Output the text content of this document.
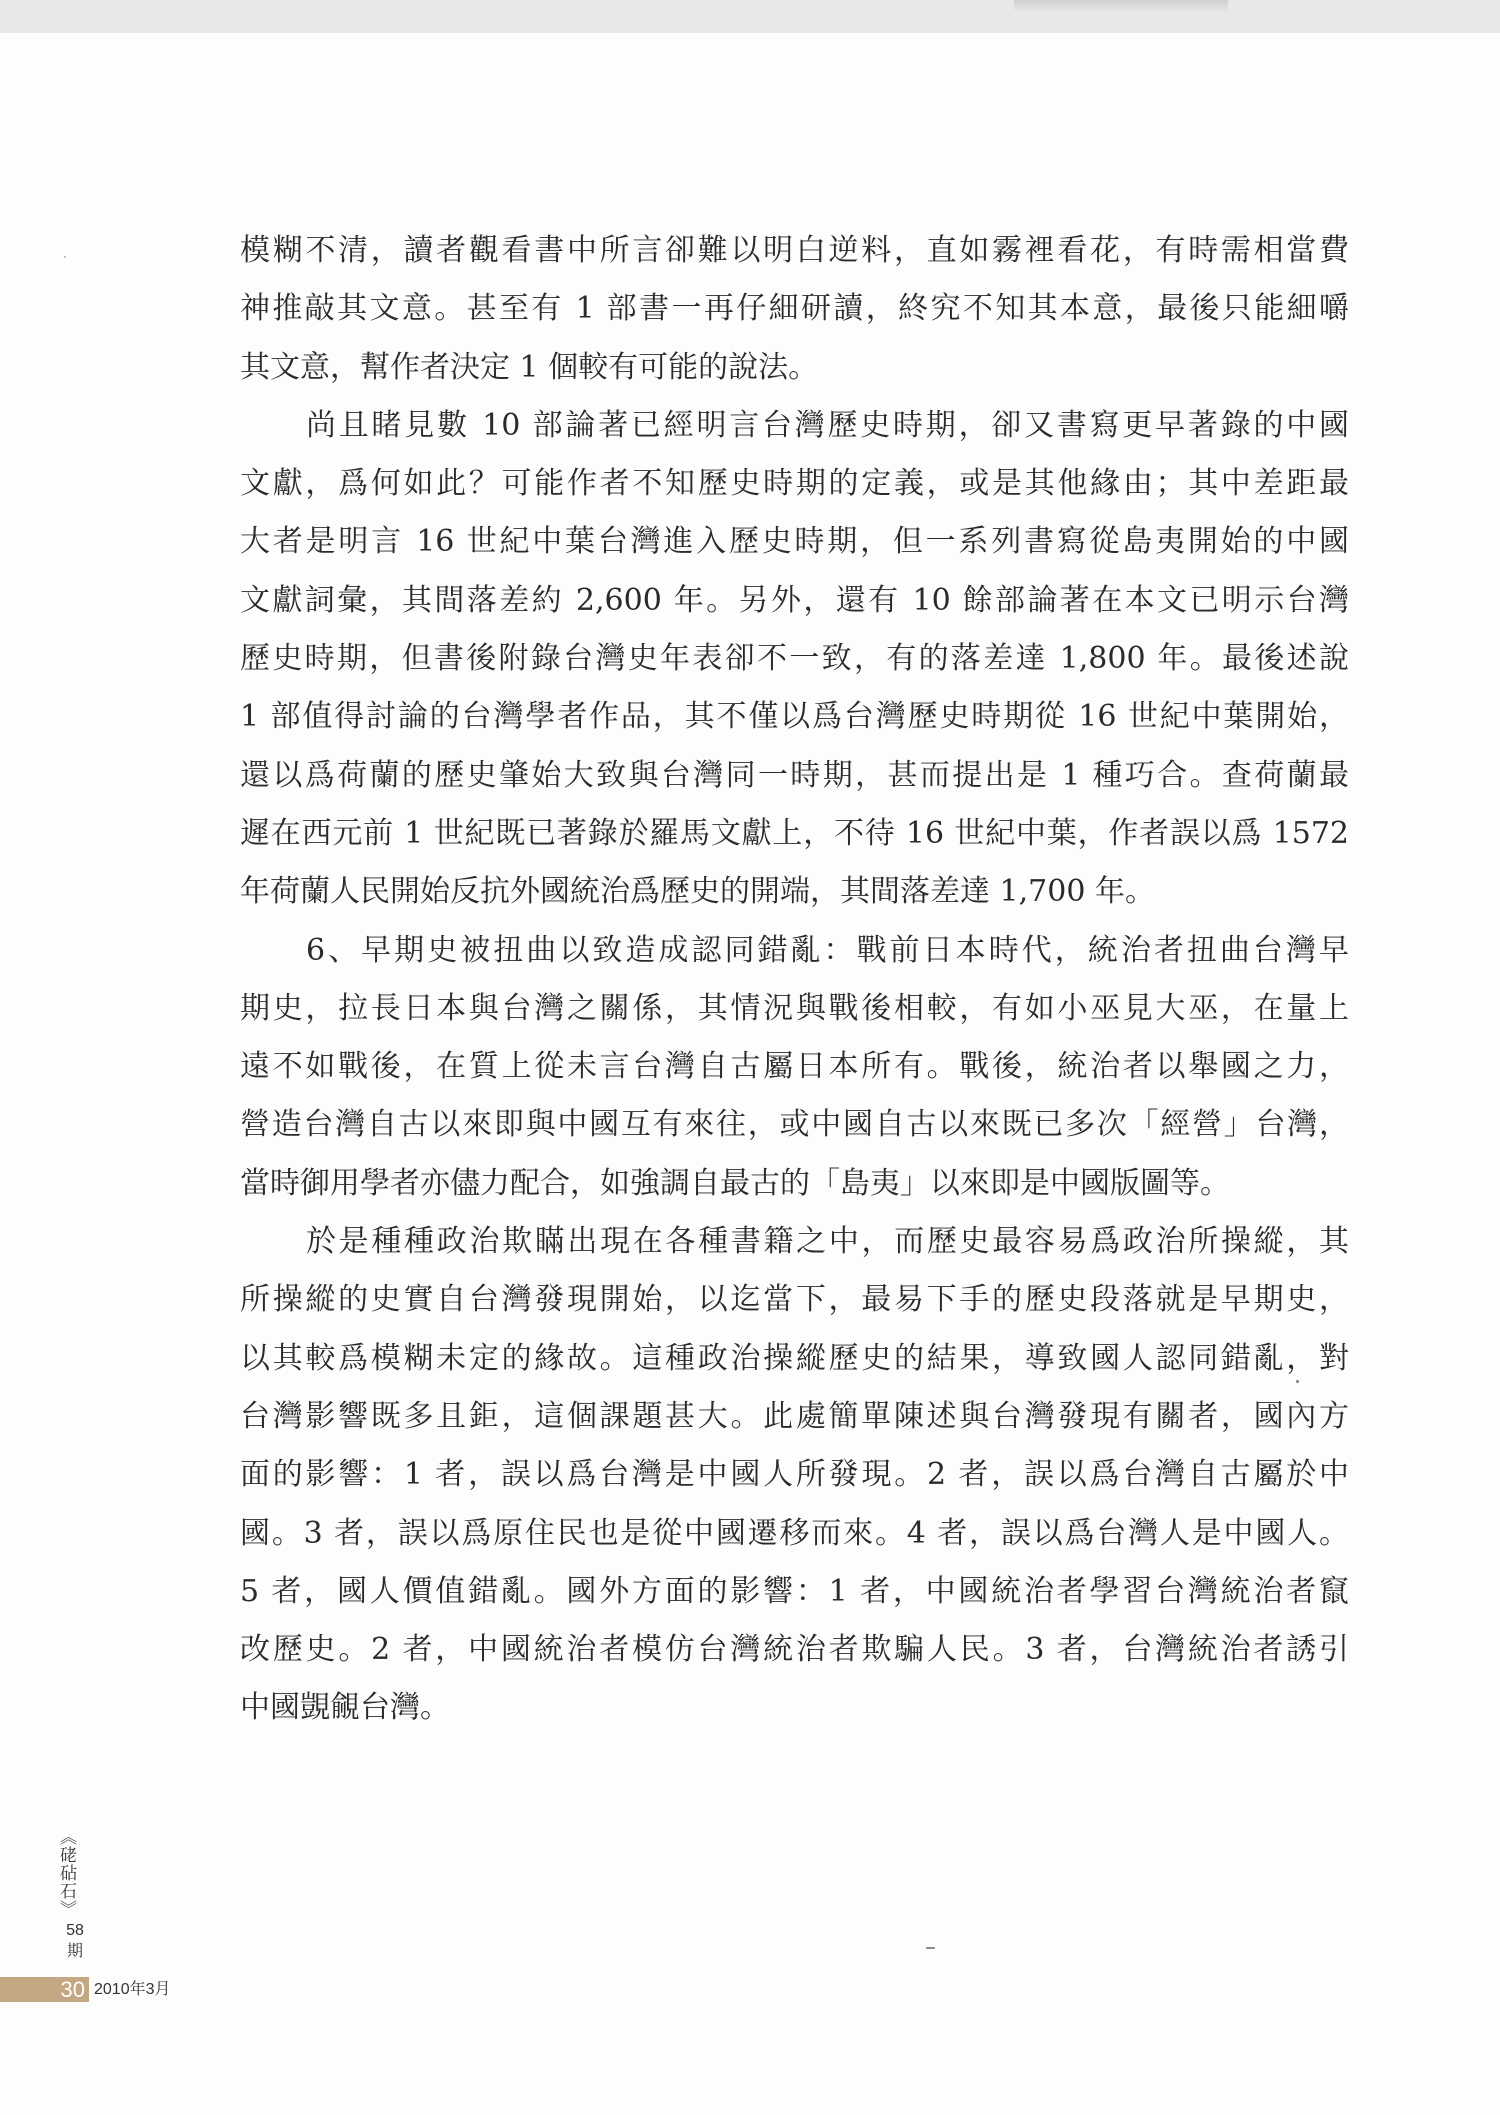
模糊不清，讀者觀看書中所言卻難以明白逆料，直如霧裡看花，有時需相當費
神推敲其文意。甚至有 1 部書一再仔細研讀，終究不知其本意，最後只能細嚼
其文意，幫作者決定 1 個較有可能的說法。
尚且睹見數 10 部論著已經明言台灣歷史時期，卻又書寫更早著錄的中國
文獻，爲何如此？可能作者不知歷史時期的定義，或是其他緣由；其中差距最
大者是明言 16 世紀中葉台灣進入歷史時期，但一系列書寫從島夷開始的中國
文獻詞彙，其間落差約 2,600 年。另外，還有 10 餘部論著在本文已明示台灣
歷史時期，但書後附錄台灣史年表卻不一致，有的落差達 1,800 年。最後述說
1 部值得討論的台灣學者作品，其不僅以爲台灣歷史時期從 16 世紀中葉開始，
還以爲荷蘭的歷史肇始大致與台灣同一時期，甚而提出是 1 種巧合。查荷蘭最
遲在西元前 1 世紀既已著錄於羅馬文獻上，不待 16 世紀中葉，作者誤以爲 1572
年荷蘭人民開始反抗外國統治爲歷史的開端，其間落差達 1,700 年。
6、早期史被扭曲以致造成認同錯亂：戰前日本時代，統治者扭曲台灣早
期史，拉長日本與台灣之關係，其情況與戰後相較，有如小巫見大巫，在量上
遠不如戰後，在質上從未言台灣自古屬日本所有。戰後，統治者以舉國之力，
營造台灣自古以來即與中國互有來往，或中國自古以來既已多次「經營」台灣，
當時御用學者亦儘力配合，如強調自最古的「島夷」以來即是中國版圖等。
於是種種政治欺瞞出現在各種書籍之中，而歷史最容易爲政治所操縱，其
所操縱的史實自台灣發現開始，以迄當下，最易下手的歷史段落就是早期史，
以其較爲模糊未定的緣故。這種政治操縱歷史的結果，導致國人認同錯亂，對
台灣影響既多且鉅，這個課題甚大。此處簡單陳述與台灣發現有關者，國內方
面的影響：1 者，誤以爲台灣是中國人所發現。2 者，誤以爲台灣自古屬於中
國。3 者，誤以爲原住民也是從中國遷移而來。4 者，誤以爲台灣人是中國人。
5 者，國人價值錯亂。國外方面的影響：1 者，中國統治者學習台灣統治者竄
改歷史。2 者，中國統治者模仿台灣統治者欺騙人民。3 者，台灣統治者誘引
中國覬覦台灣。
《硓砧石》
58
期
30 2010年3月
